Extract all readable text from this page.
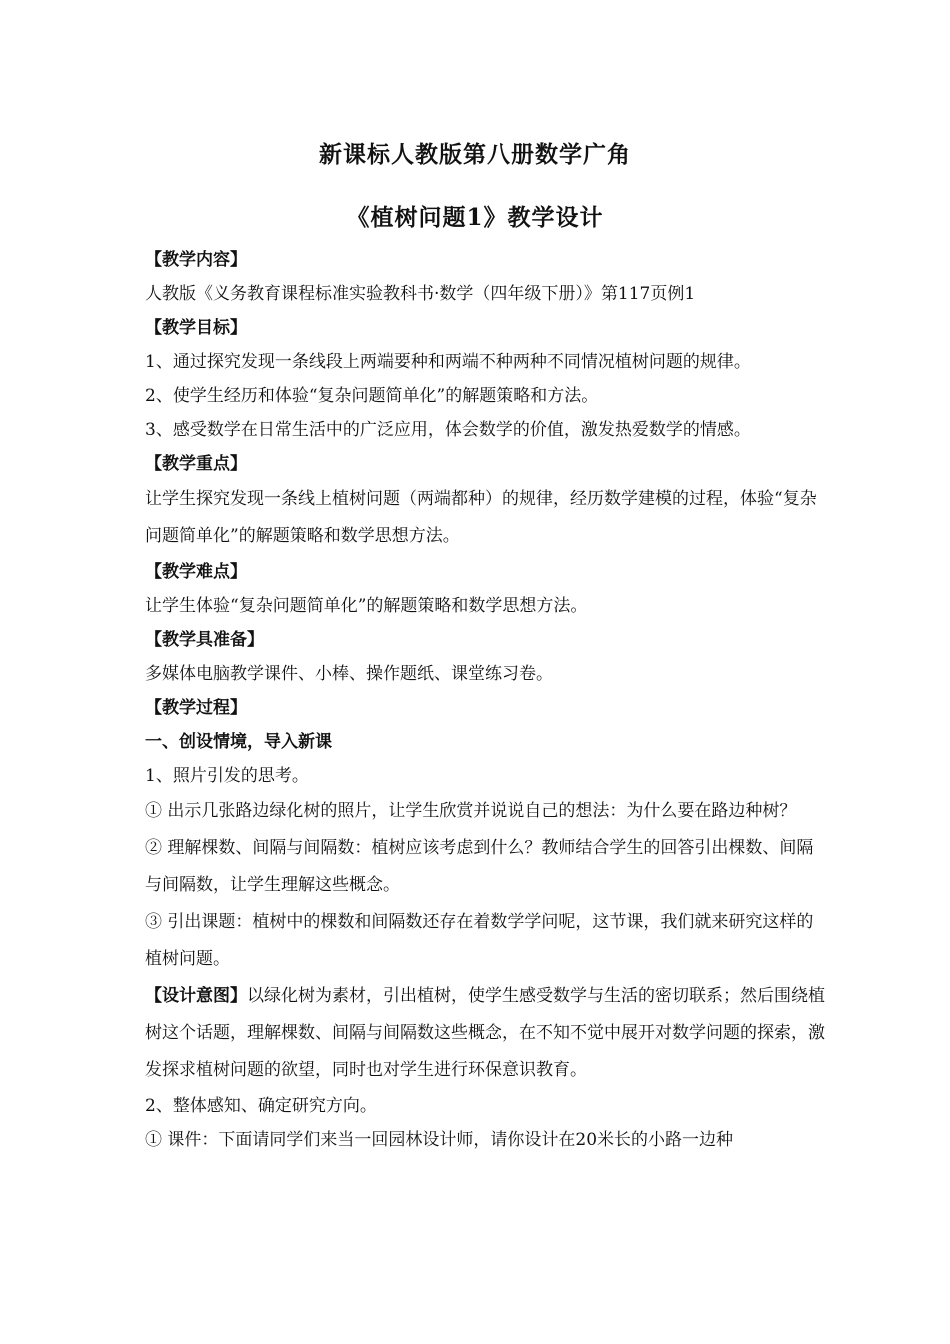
新课标人教版第八册数学广角
《植树问题1》教学设计
【教学内容】
人教版《义务教育课程标准实验教科书·数学（四年级下册）》第117页例1
【教学目标】
1、通过探究发现一条线段上两端要种和两端不种两种不同情况植树问题的规律。
2、使学生经历和体验“复杂问题简单化”的解题策略和方法。
3、感受数学在日常生活中的广泛应用，体会数学的价值，激发热爱数学的情感。
【教学重点】
让学生探究发现一条线上植树问题（两端都种）的规律，经历数学建模的过程，体验“复杂问题简单化”的解题策略和数学思想方法。
【教学难点】
让学生体验“复杂问题简单化”的解题策略和数学思想方法。
【教学具准备】
多媒体电脑教学课件、小棒、操作题纸、课堂练习卷。
【教学过程】
一、创设情境，导入新课
1、照片引发的思考。
① 出示几张路边绿化树的照片，让学生欣赏并说说自己的想法：为什么要在路边种树？
② 理解棵数、间隔与间隔数：植树应该考虑到什么？教师结合学生的回答引出棵数、间隔与间隔数，让学生理解这些概念。
③ 引出课题：植树中的棵数和间隔数还存在着数学学问呢，这节课，我们就来研究这样的植树问题。
【设计意图】以绿化树为素材，引出植树，使学生感受数学与生活的密切联系；然后围绕植树这个话题，理解棵数、间隔与间隔数这些概念，在不知不觉中展开对数学问题的探索，激发探求植树问题的欲望，同时也对学生进行环保意识教育。
2、整体感知、确定研究方向。
① 课件：下面请同学们来当一回园林设计师，请你设计在20米长的小路一边种
